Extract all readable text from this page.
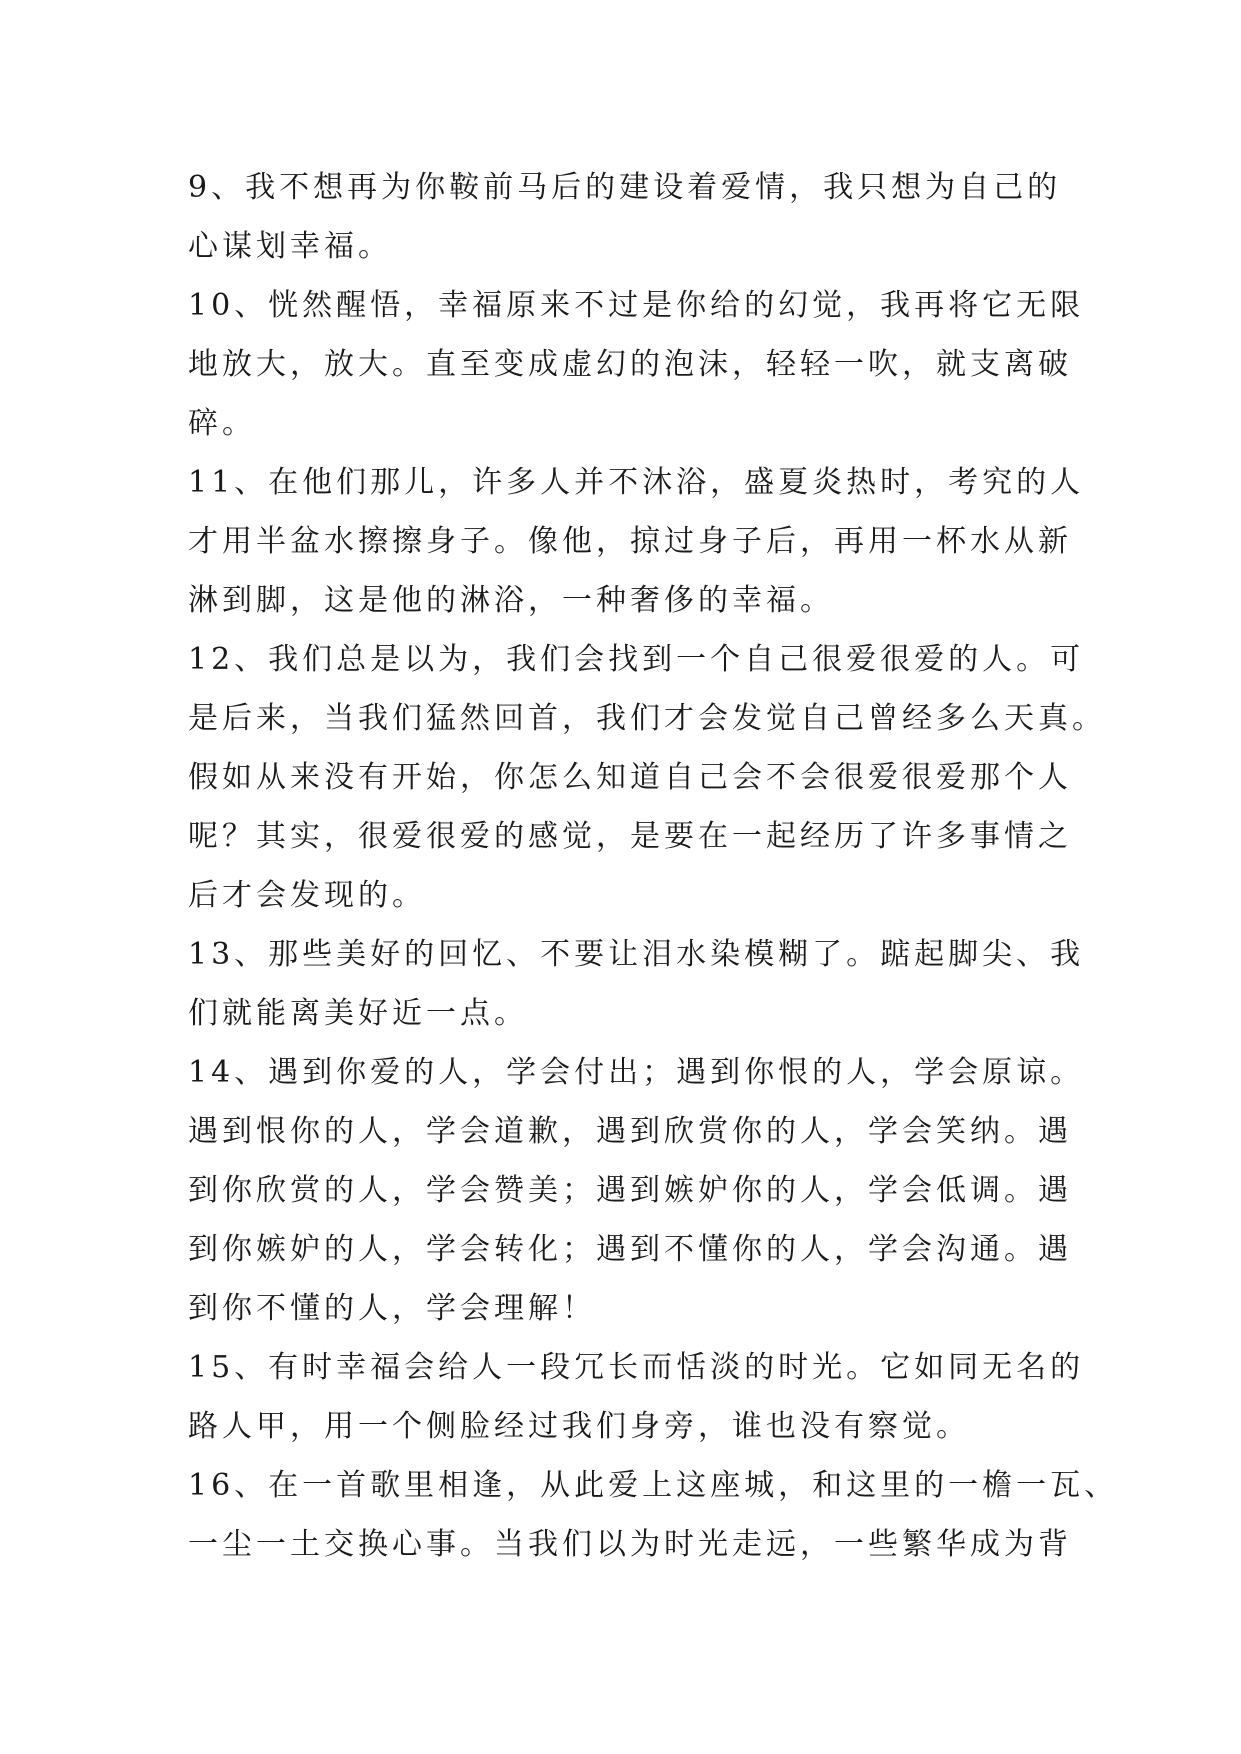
9、我不想再为你鞍前马后的建设着爱情，我只想为自己的
心谋划幸福。
10、恍然醒悟，幸福原来不过是你给的幻觉，我再将它无限
地放大，放大。直至变成虚幻的泡沫，轻轻一吹，就支离破
碎。
11、在他们那儿，许多人并不沐浴，盛夏炎热时，考究的人
才用半盆水擦擦身子。像他，掠过身子后，再用一杯水从新
淋到脚，这是他的淋浴，一种奢侈的幸福。
12、我们总是以为，我们会找到一个自己很爱很爱的人。可
是后来，当我们猛然回首，我们才会发觉自己曾经多么天真。
假如从来没有开始，你怎么知道自己会不会很爱很爱那个人
呢？其实，很爱很爱的感觉，是要在一起经历了许多事情之
后才会发现的。
13、那些美好的回忆、不要让泪水染模糊了。踮起脚尖、我
们就能离美好近一点。
14、遇到你爱的人，学会付出；遇到你恨的人，学会原谅。
遇到恨你的人，学会道歉，遇到欣赏你的人，学会笑纳。遇
到你欣赏的人，学会赞美；遇到嫉妒你的人，学会低调。遇
到你嫉妒的人，学会转化；遇到不懂你的人，学会沟通。遇
到你不懂的人，学会理解！
15、有时幸福会给人一段冗长而恬淡的时光。它如同无名的
路人甲，用一个侧脸经过我们身旁，谁也没有察觉。
16、在一首歌里相逢，从此爱上这座城，和这里的一檐一瓦、
一尘一土交换心事。当我们以为时光走远，一些繁华成为背
